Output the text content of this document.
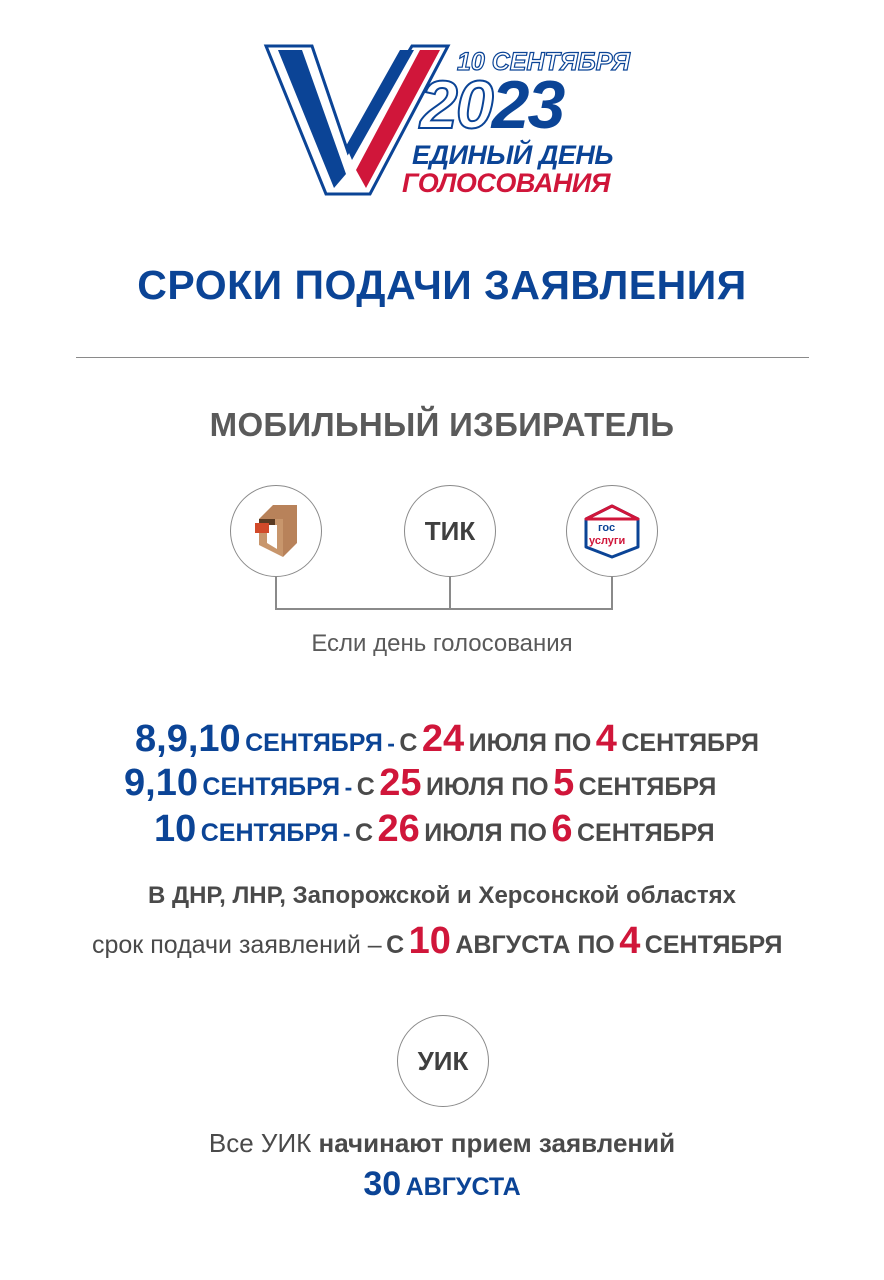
10 СЕНТЯБРЯ
2023
ЕДИНЫЙ ДЕНЬ
ГОЛОСОВАНИЯ
СРОКИ ПОДАЧИ ЗАЯВЛЕНИЯ
МОБИЛЬНЫЙ ИЗБИРАТЕЛЬ
ТИК	гос
услуги
Если день голосования
8,9,10 СЕНТЯБРЯ - С 24 ИЮЛЯ ПО 4 СЕНТЯБРЯ
9,10 СЕНТЯБРЯ - С 25 ИЮЛЯ ПО 5 СЕНТЯБРЯ
10 СЕНТЯБРЯ - С 26 ИЮЛЯ ПО 6 СЕНТЯБРЯ
В ДНР, ЛНР, Запорожской и Херсонской областях
срок подачи заявлений – С 10 АВГУСТА ПО 4 СЕНТЯБРЯ
УИК
Все УИК начинают прием заявлений
30 АВГУСТА
